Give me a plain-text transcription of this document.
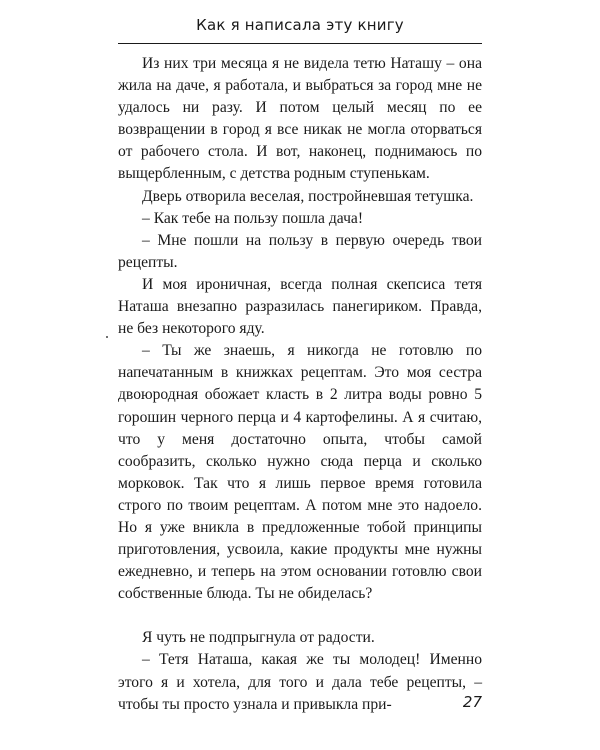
Как я написала эту книгу

Из них три месяца я не видела тетю Наташу – она жила на даче, я работала, и выбраться за город мне не удалось ни разу. И потом целый месяц по ее возвращении в город я все никак не могла оторваться от рабочего стола. И вот, наконец, поднимаюсь по выщербленным, с детства родным ступенькам.

Дверь отворила веселая, постройневшая тетушка.

– Как тебе на пользу пошла дача!

– Мне пошли на пользу в первую очередь твои рецепты.

И моя ироничная, всегда полная скепсиса тетя Наташа внезапно разразилась панегириком. Правда, не без некоторого яду.

– Ты же знаешь, я никогда не готовлю по напечатанным в книжках рецептам. Это моя сестра двоюродная обожает класть в 2 литра воды ровно 5 горошин черного перца и 4 картофелины. А я считаю, что у меня достаточно опыта, чтобы самой сообразить, сколько нужно сюда перца и сколько морковок. Так что я лишь первое время готовила строго по твоим рецептам. А потом мне это надоело. Но я уже вникла в предложенные тобой принципы приготовления, усвоила, какие продукты мне нужны ежедневно, и теперь на этом основании готовлю свои собственные блюда. Ты не обиделась?

Я чуть не подпрыгнула от радости.

– Тетя Наташа, какая же ты молодец! Именно этого я и хотела, для того и дала тебе рецепты, – чтобы ты просто узнала и привыкла при-	27
